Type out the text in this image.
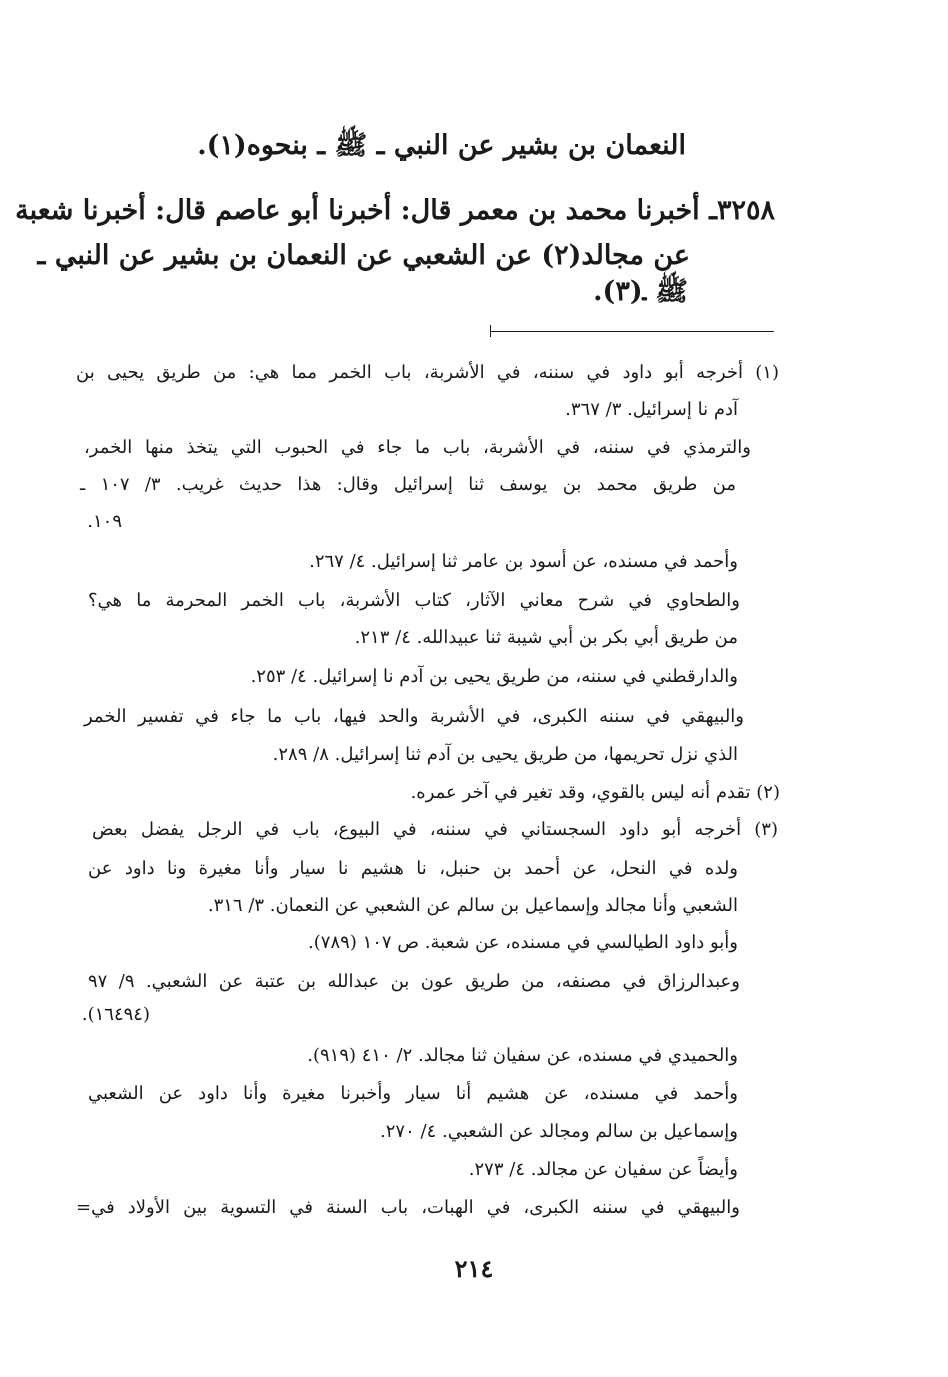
النعمان بن بشير عن النبي ـ ﷺ ـ بنحوه(١).
٣٢٥٨ـ أخبرنا محمد بن معمر قال: أخبرنا أبو عاصم قال: أخبرنا شعبة
عن مجالد(٢) عن الشعبي عن النعمان بن بشير عن النبي ـ
ﷺ ـ(٣).
(١) أخرجه أبو داود في سننه، في الأشربة، باب الخمر مما هي: من طريق يحيى بن
آدم نا إسرائيل. ٣/ ٣٦٧.
والترمذي في سننه، في الأشربة، باب ما جاء في الحبوب التي يتخذ منها الخمر،
من طريق محمد بن يوسف ثنا إسرائيل وقال: هذا حديث غريب. ٣/ ١٠٧ ـ
١٠٩.
وأحمد في مسنده، عن أسود بن عامر ثنا إسرائيل. ٤/ ٢٦٧.
والطحاوي في شرح معاني الآثار، كتاب الأشربة، باب الخمر المحرمة ما هي؟
من طريق أبي بكر بن أبي شيبة ثنا عبيدالله. ٤/ ٢١٣.
والدارقطني في سننه، من طريق يحيى بن آدم نا إسرائيل. ٤/ ٢٥٣.
والبيهقي في سننه الكبرى، في الأشربة والحد فيها، باب ما جاء في تفسير الخمر
الذي نزل تحريمها، من طريق يحيى بن آدم ثنا إسرائيل. ٨/ ٢٨٩.
(٢) تقدم أنه ليس بالقوي، وقد تغير في آخر عمره.
(٣) أخرجه أبو داود السجستاني في سننه، في البيوع، باب في الرجل يفضل بعض
ولده في النحل، عن أحمد بن حنبل، نا هشيم نا سيار وأنا مغيرة ونا داود عن
الشعبي وأنا مجالد وإسماعيل بن سالم عن الشعبي عن النعمان. ٣/ ٣١٦.
وأبو داود الطيالسي في مسنده، عن شعبة. ص ١٠٧ (٧٨٩).
وعبدالرزاق في مصنفه، من طريق عون بن عبدالله بن عتبة عن الشعبي. ٩/ ٩٧
(١٦٤٩٤).
والحميدي في مسنده، عن سفيان ثنا مجالد. ٢/ ٤١٠ (٩١٩).
وأحمد في مسنده، عن هشيم أنا سيار وأخبرنا مغيرة وأنا داود عن الشعبي
وإسماعيل بن سالم ومجالد عن الشعبي. ٤/ ٢٧٠.
وأيضاً عن سفيان عن مجالد. ٤/ ٢٧٣.
والبيهقي في سننه الكبرى، في الهبات، باب السنة في التسوية بين الأولاد في=
٢١٤
